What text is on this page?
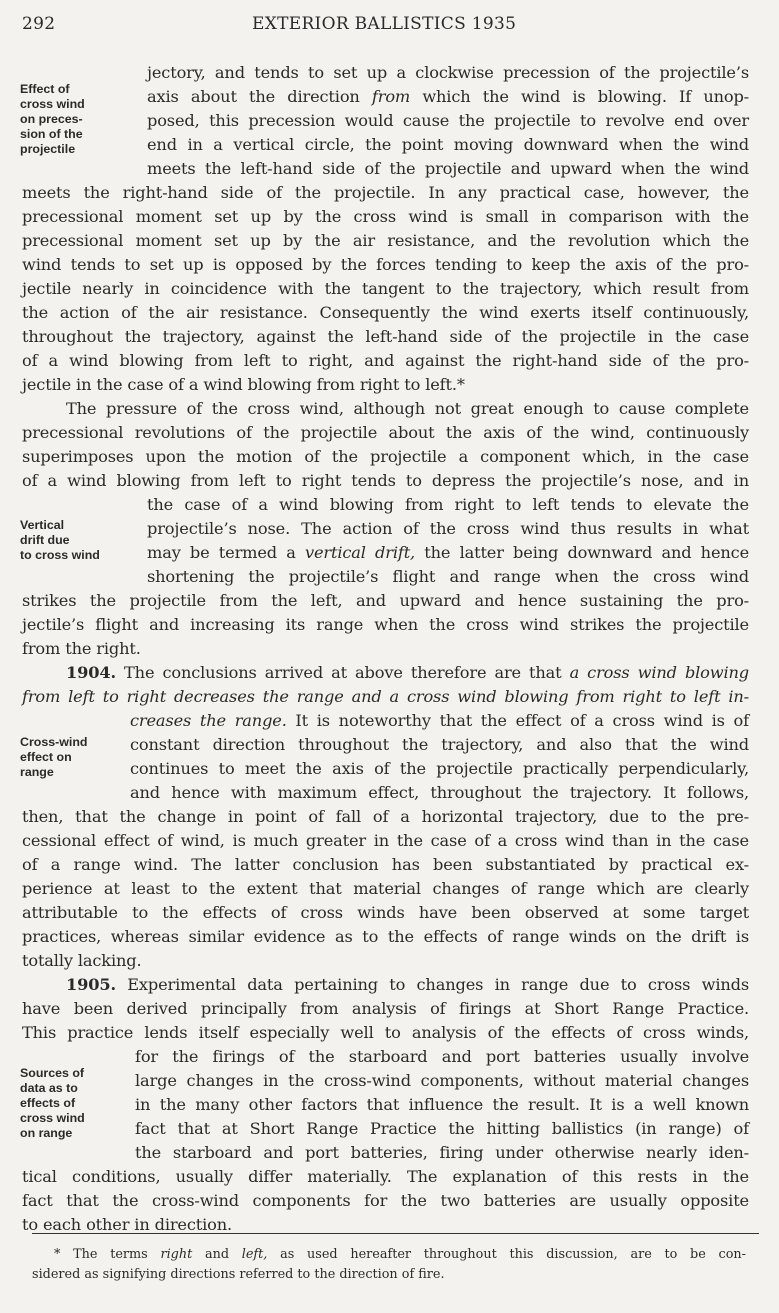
292	EXTERIOR BALLISTICS 1935
Effect of
cross wind
on preces-
sion of the
projectile
Vertical
drift due
to cross wind
Cross-wind
effect on
range
Sources of
data as to
effects of
cross wind
on range
jectory, and tends to set up a clockwise precession of the projectile’s
axis about the direction from which the wind is blowing. If unop-
posed, this precession would cause the projectile to revolve end over
end in a vertical circle, the point moving downward when the wind
meets the left-hand side of the projectile and upward when the wind
meets the right-hand side of the projectile. In any practical case, however, the
precessional moment set up by the cross wind is small in comparison with the
precessional moment set up by the air resistance, and the revolution which the
wind tends to set up is opposed by the forces tending to keep the axis of the pro-
jectile nearly in coincidence with the tangent to the trajectory, which result from
the action of the air resistance. Consequently the wind exerts itself continuously,
throughout the trajectory, against the left-hand side of the projectile in the case
of a wind blowing from left to right, and against the right-hand side of the pro-
jectile in the case of a wind blowing from right to left.*
The pressure of the cross wind, although not great enough to cause complete
precessional revolutions of the projectile about the axis of the wind, continuously
superimposes upon the motion of the projectile a component which, in the case
of a wind blowing from left to right tends to depress the projectile’s nose, and in
the case of a wind blowing from right to left tends to elevate the
projectile’s nose. The action of the cross wind thus results in what
may be termed a vertical drift, the latter being downward and hence
shortening the projectile’s flight and range when the cross wind
strikes the projectile from the left, and upward and hence sustaining the pro-
jectile’s flight and increasing its range when the cross wind strikes the projectile
from the right.
1904. The conclusions arrived at above therefore are that a cross wind blowing
from left to right decreases the range and a cross wind blowing from right to left in-
creases the range. It is noteworthy that the effect of a cross wind is of
constant direction throughout the trajectory, and also that the wind
continues to meet the axis of the projectile practically perpendicularly,
and hence with maximum effect, throughout the trajectory. It follows,
then, that the change in point of fall of a horizontal trajectory, due to the pre-
cessional effect of wind, is much greater in the case of a cross wind than in the case
of a range wind. The latter conclusion has been substantiated by practical ex-
perience at least to the extent that material changes of range which are clearly
attributable to the effects of cross winds have been observed at some target
practices, whereas similar evidence as to the effects of range winds on the drift is
totally lacking.
1905. Experimental data pertaining to changes in range due to cross winds
have been derived principally from analysis of firings at Short Range Practice.
This practice lends itself especially well to analysis of the effects of cross winds,
for the firings of the starboard and port batteries usually involve
large changes in the cross-wind components, without material changes
in the many other factors that influence the result. It is a well known
fact that at Short Range Practice the hitting ballistics (in range) of
the starboard and port batteries, firing under otherwise nearly iden-
tical conditions, usually differ materially. The explanation of this rests in the
fact that the cross-wind components for the two batteries are usually opposite
to each other in direction.
* The terms right and left, as used hereafter throughout this discussion, are to be con-
sidered as signifying directions referred to the direction of fire.
